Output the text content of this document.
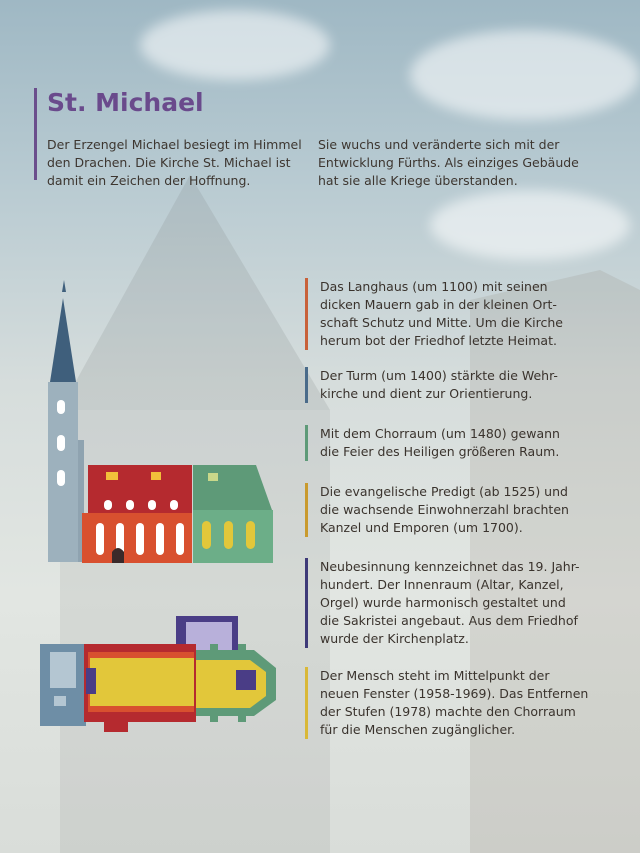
St. Michael
Der Erzengel Michael besiegt im Himmel
den Drachen. Die Kirche St. Michael ist
damit ein Zeichen der Hoffnung.
Sie wuchs und veränderte sich mit der
Entwicklung Fürths. Als einziges Gebäude
hat sie alle Kriege überstanden.
Das Langhaus (um 1100) mit seinen
dicken Mauern gab in der kleinen Ort-
schaft Schutz und Mitte. Um die Kirche
herum bot der Friedhof letzte Heimat.
Der Turm (um 1400) stärkte die Wehr-
kirche und dient zur Orientierung.
Mit dem Chorraum (um 1480) gewann
die Feier des Heiligen größeren Raum.
Die evangelische Predigt (ab 1525) und
die wachsende Einwohnerzahl brachten
Kanzel und Emporen (um 1700).
Neubesinnung kennzeichnet das 19. Jahr-
hundert. Der Innenraum (Altar, Kanzel,
Orgel) wurde harmonisch gestaltet und
die Sakristei angebaut. Aus dem Friedhof
wurde der Kirchenplatz.
Der Mensch steht im Mittelpunkt der
neuen Fenster (1958-1969). Das Entfernen
der Stufen (1978) machte den Chorraum
für die Menschen zugänglicher.
